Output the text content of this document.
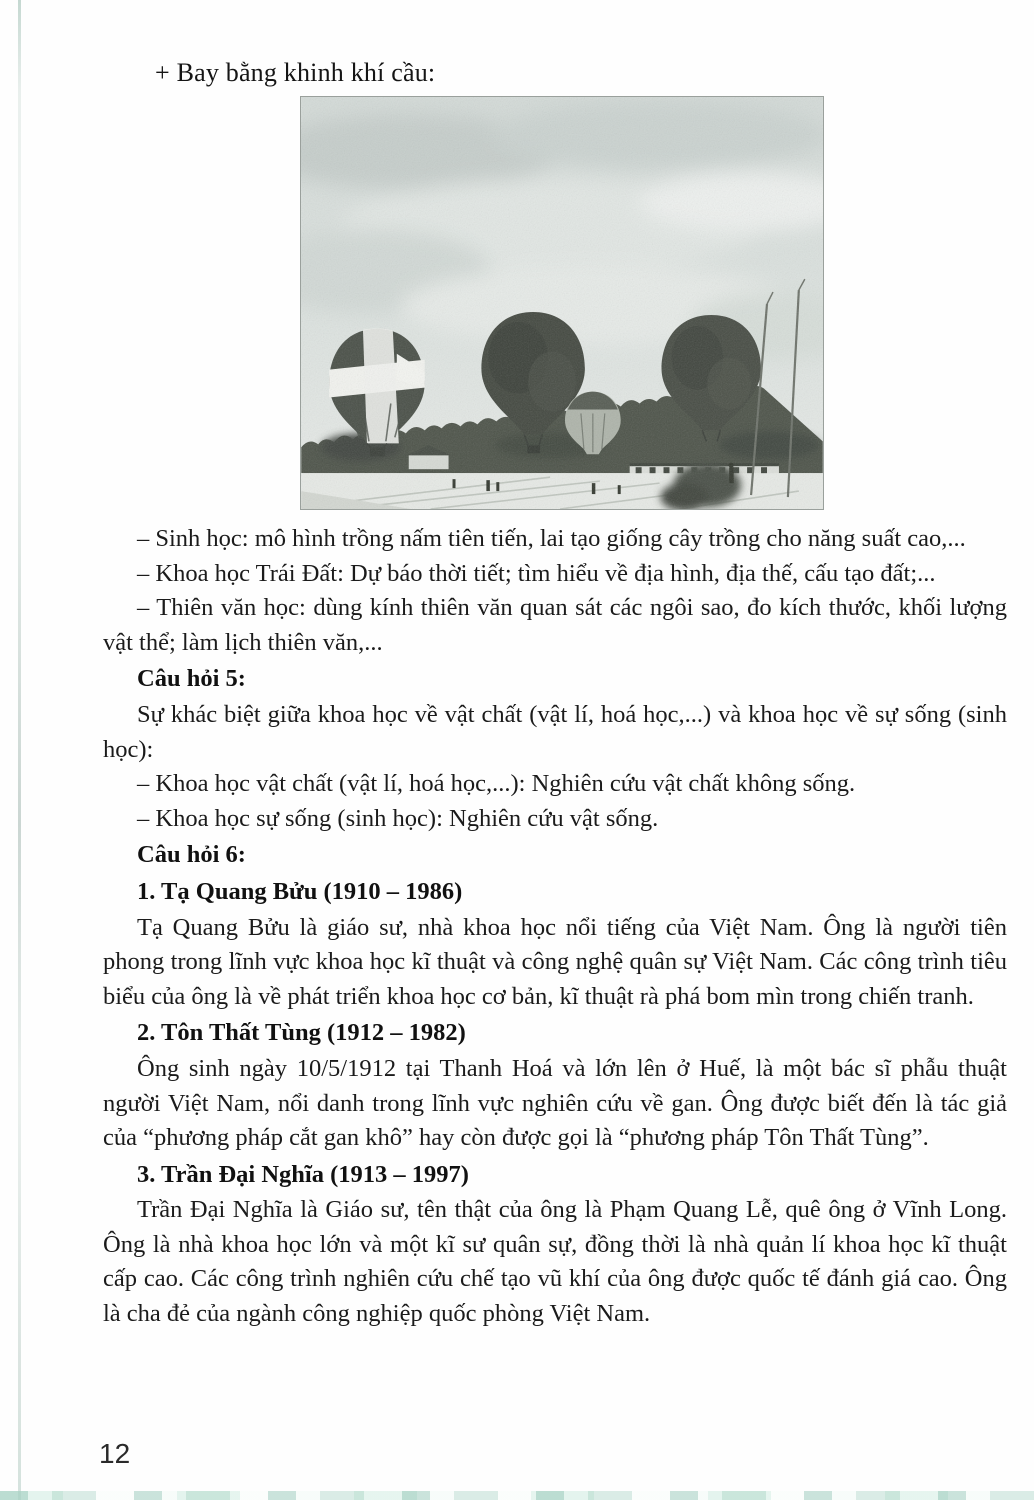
+ Bay bằng khinh khí cầu:

– Sinh học: mô hình trồng nấm tiên tiến, lai tạo giống cây trồng cho năng suất cao,...

– Khoa học Trái Đất: Dự báo thời tiết; tìm hiểu về địa hình, địa thế, cấu tạo đất;...

– Thiên văn học: dùng kính thiên văn quan sát các ngôi sao, đo kích thước, khối lượng vật thể; làm lịch thiên văn,...

Câu hỏi 5:

Sự khác biệt giữa khoa học về vật chất (vật lí, hoá học,...) và khoa học về sự sống (sinh học):

– Khoa học vật chất (vật lí, hoá học,...): Nghiên cứu vật chất không sống.

– Khoa học sự sống (sinh học): Nghiên cứu vật sống.

Câu hỏi 6:

1. Tạ Quang Bửu (1910 – 1986)

Tạ Quang Bửu là giáo sư, nhà khoa học nổi tiếng của Việt Nam. Ông là người tiên phong trong lĩnh vực khoa học kĩ thuật và công nghệ quân sự Việt Nam. Các công trình tiêu biểu của ông là về phát triển khoa học cơ bản, kĩ thuật rà phá bom mìn trong chiến tranh.

2. Tôn Thất Tùng (1912 – 1982)

Ông sinh ngày 10/5/1912 tại Thanh Hoá và lớn lên ở Huế, là một bác sĩ phẫu thuật người Việt Nam, nổi danh trong lĩnh vực nghiên cứu về gan. Ông được biết đến là tác giả của “phương pháp cắt gan khô” hay còn được gọi là “phương pháp Tôn Thất Tùng”.

3. Trần Đại Nghĩa (1913 – 1997)

Trần Đại Nghĩa là Giáo sư, tên thật của ông là Phạm Quang Lễ, quê ông ở Vĩnh Long. Ông là nhà khoa học lớn và một kĩ sư quân sự, đồng thời là nhà quản lí khoa học kĩ thuật cấp cao. Các công trình nghiên cứu chế tạo vũ khí của ông được quốc tế đánh giá cao. Ông là cha đẻ của ngành công nghiệp quốc phòng Việt Nam.

12
